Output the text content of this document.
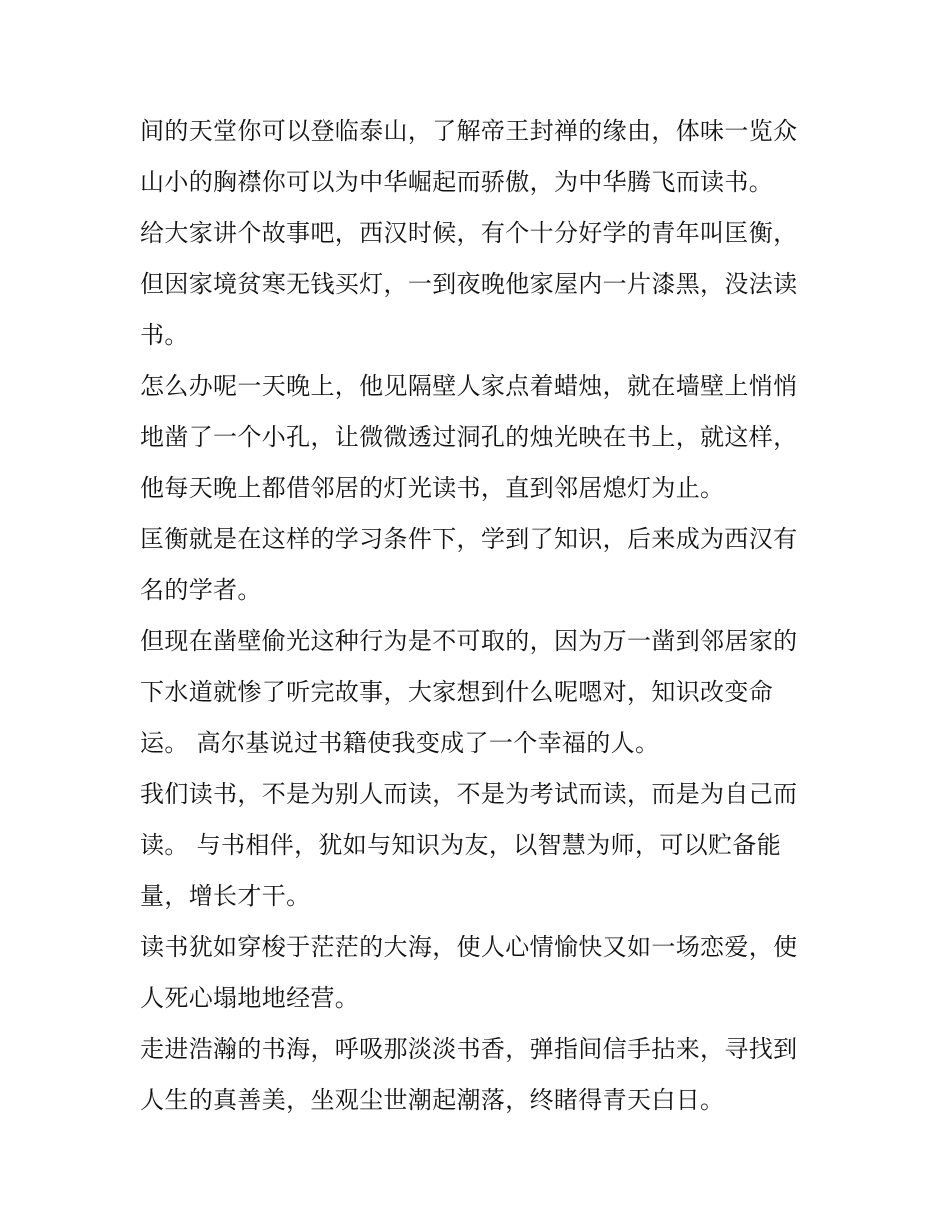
间的天堂你可以登临泰山，了解帝王封禅的缘由，体味一览众山小的胸襟你可以为中华崛起而骄傲，为中华腾飞而读书。

给大家讲个故事吧，西汉时候，有个十分好学的青年叫匡衡，但因家境贫寒无钱买灯，一到夜晚他家屋内一片漆黑，没法读书。

怎么办呢一天晚上，他见隔壁人家点着蜡烛，就在墙壁上悄悄地凿了一个小孔，让微微透过洞孔的烛光映在书上，就这样，他每天晚上都借邻居的灯光读书，直到邻居熄灯为止。

匡衡就是在这样的学习条件下，学到了知识，后来成为西汉有名的学者。

但现在凿壁偷光这种行为是不可取的，因为万一凿到邻居家的下水道就惨了听完故事，大家想到什么呢嗯对，知识改变命运。 高尔基说过书籍使我变成了一个幸福的人。

我们读书，不是为别人而读，不是为考试而读，而是为自己而读。 与书相伴，犹如与知识为友，以智慧为师，可以贮备能量，增长才干。

读书犹如穿梭于茫茫的大海，使人心情愉快又如一场恋爱，使人死心塌地地经营。

走进浩瀚的书海，呼吸那淡淡书香，弹指间信手拈来，寻找到人生的真善美，坐观尘世潮起潮落，终睹得青天白日。
